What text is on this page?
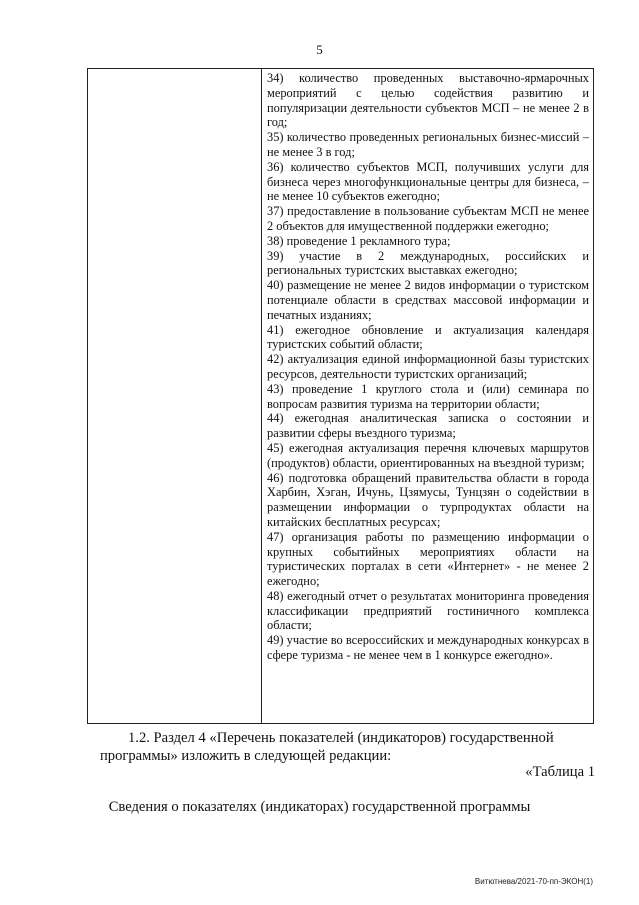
5

34) количество проведенных выставочно-ярмарочных мероприятий с целью содействия развитию и популяризации деятельности субъектов МСП – не менее 2 в год;

35) количество проведенных региональных бизнес-миссий – не менее 3 в год;

36) количество субъектов МСП, получивших услуги для бизнеса через многофункциональные центры для бизнеса, – не менее 10 субъектов ежегодно;

37) предоставление в пользование субъектам МСП не менее 2 объектов для имущественной поддержки ежегодно;

38) проведение 1 рекламного тура;

39) участие в 2 международных, российских и региональных туристских выставках ежегодно;

40) размещение не менее 2 видов информации о туристском потенциале области в средствах массовой информации и печатных изданиях;

41) ежегодное обновление и актуализация календаря туристских событий области;

42) актуализация единой информационной базы туристских ресурсов, деятельности туристских организаций;

43) проведение 1 круглого стола и (или) семинара по вопросам развития туризма на территории области;

44) ежегодная аналитическая записка о состоянии и развитии сферы въездного туризма;

45) ежегодная актуализация перечня ключевых маршрутов (продуктов) области, ориентированных на въездной туризм;

46) подготовка обращений правительства области в города Харбин, Хэган, Ичунь, Цзямусы, Тунцзян о содействии в размещении информации о турпродуктах области на китайских бесплатных ресурсах;

47) организация работы по размещению информации о крупных событийных мероприятиях области на туристических порталах в сети «Интернет» - не менее 2 ежегодно;

48) ежегодный отчет о результатах мониторинга проведения классификации предприятий гостиничного комплекса области;

49) участие во всероссийских и международных конкурсах в сфере туризма - не менее чем в 1 конкурсе ежегодно».

1.2. Раздел 4 «Перечень показателей (индикаторов) государственной
программы» изложить в следующей редакции:
«Таблица 1
Сведения о показателях (индикаторах) государственной программы
Витютнева/2021-70-пп-ЭКОН(1)
